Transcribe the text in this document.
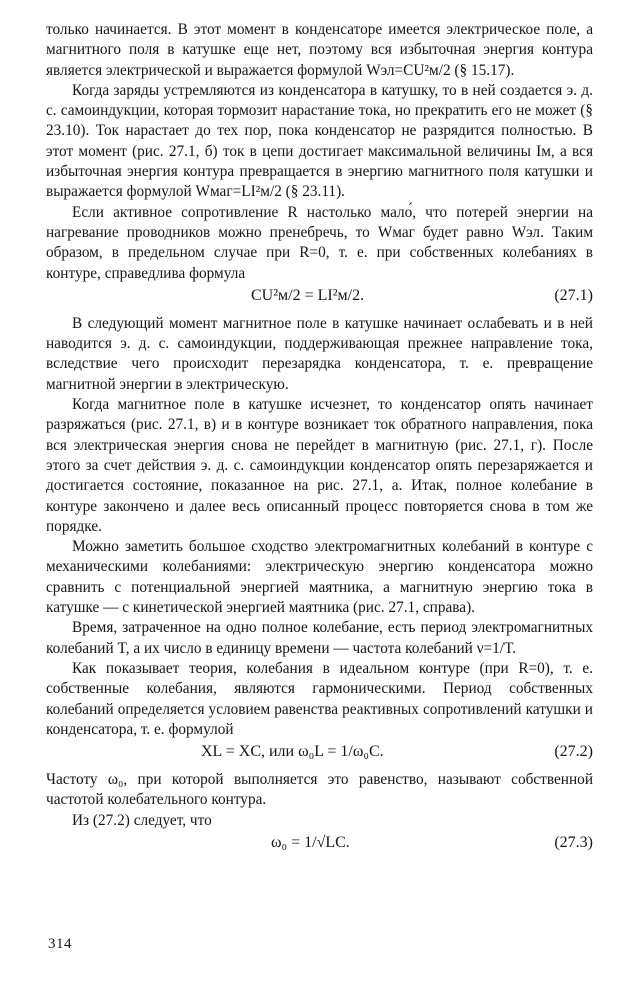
только начинается. В этот момент в конденсаторе имеется электрическое поле, а магнитного поля в катушке еще нет, поэтому вся избыточная энергия контура является электрической и выражается формулой Wэл=CU²м/2 (§ 15.17).

Когда заряды устремляются из конденсатора в катушку, то в ней создается э. д. с. самоиндукции, которая тормозит нарастание тока, но прекратить его не может (§ 23.10). Ток нарастает до тех пор, пока конденсатор не разрядится полностью. В этот момент (рис. 27.1, б) ток в цепи достигает максимальной величины Iм, а вся избыточная энергия контура превращается в энергию магнитного поля катушки и выражается формулой Wмаг=LI²м/2 (§ 23.11).

Если активное сопротивление R настолько мало́, что потерей энергии на нагревание проводников можно пренебречь, то Wмаг будет равно Wэл. Таким образом, в предельном случае при R=0, т. е. при собственных колебаниях в контуре, справедлива формула

CU²м/2 = LI²м/2.	(27.1)

В следующий момент магнитное поле в катушке начинает ослабевать и в ней наводится э. д. с. самоиндукции, поддерживающая прежнее направление тока, вследствие чего происходит перезарядка конденсатора, т. е. превращение магнитной энергии в электрическую.

Когда магнитное поле в катушке исчезнет, то конденсатор опять начинает разряжаться (рис. 27.1, в) и в контуре возникает ток обратного направления, пока вся электрическая энергия снова не перейдет в магнитную (рис. 27.1, г). После этого за счет действия э. д. с. самоиндукции конденсатор опять перезаряжается и достигается состояние, показанное на рис. 27.1, а. Итак, полное колебание в контуре закончено и далее весь описанный процесс повторяется снова в том же порядке.

Можно заметить большое сходство электромагнитных колебаний в контуре с механическими колебаниями: электрическую энергию конденсатора можно сравнить с потенциальной энергией маятника, а магнитную энергию тока в катушке — с кинетической энергией маятника (рис. 27.1, справа).

Время, затраченное на одно полное колебание, есть период электромагнитных колебаний T, а их число в единицу времени — частота колебаний ν=1/T.

Как показывает теория, колебания в идеальном контуре (при R=0), т. е. собственные колебания, являются гармоническими. Период собственных колебаний определяется условием равенства реактивных сопротивлений катушки и конденсатора, т. е. формулой

XL = XC, или ω₀L = 1/ω₀C.	(27.2)

Частоту ω₀, при которой выполняется это равенство, называют собственной частотой колебательного контура.

Из (27.2) следует, что

ω₀ = 1/√LC.	(27.3)
314
